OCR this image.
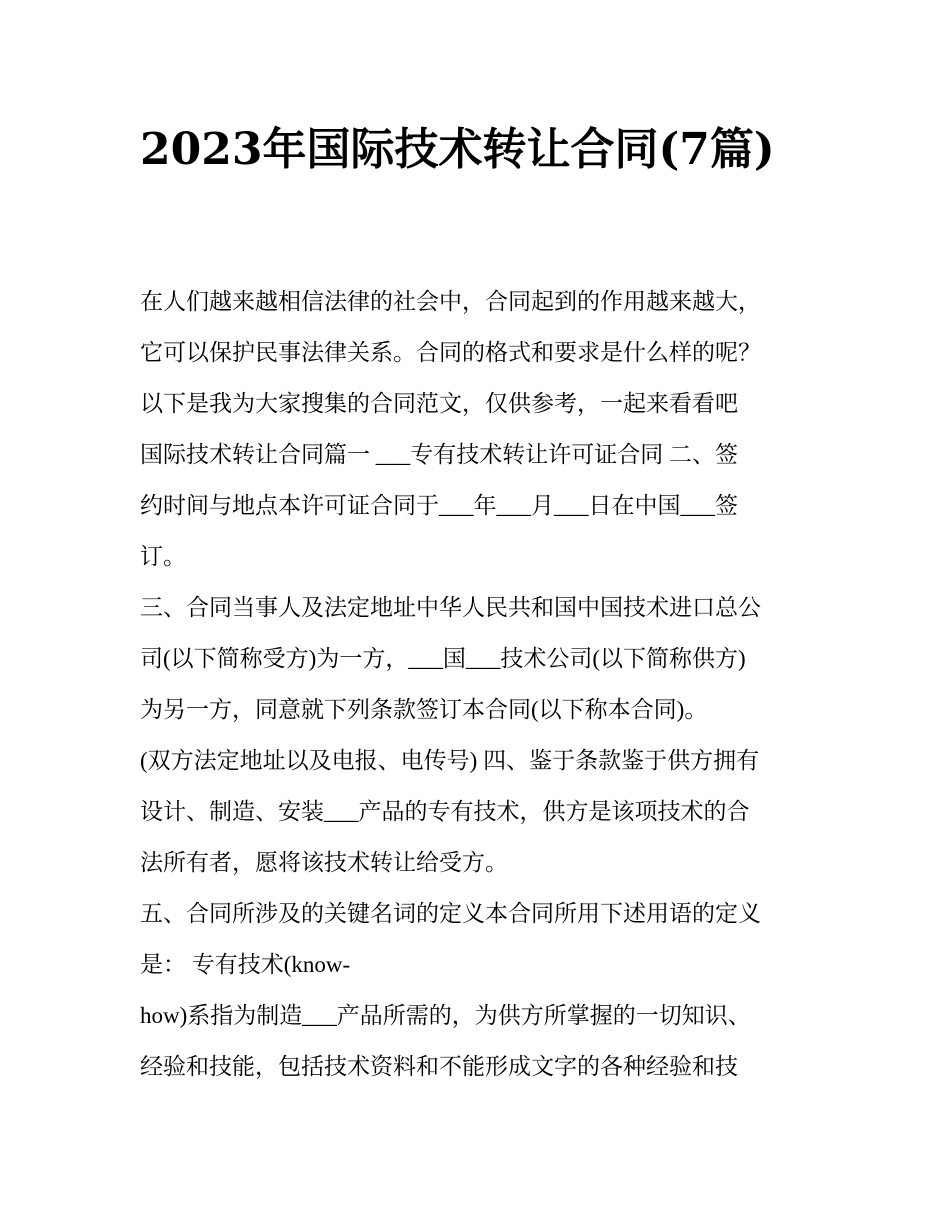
2023年国际技术转让合同(7篇)
在人们越来越相信法律的社会中，合同起到的作用越来越大，
它可以保护民事法律关系。合同的格式和要求是什么样的呢？
以下是我为大家搜集的合同范文，仅供参考，一起来看看吧
国际技术转让合同篇一 ___专有技术转让许可证合同 二、签
约时间与地点本许可证合同于___年___月___日在中国___签
订。
三、合同当事人及法定地址中华人民共和国中国技术进口总公
司(以下简称受方)为一方，___国___技术公司(以下简称供方)
为另一方，同意就下列条款签订本合同(以下称本合同)。
(双方法定地址以及电报、电传号) 四、鉴于条款鉴于供方拥有
设计、制造、安装___产品的专有技术，供方是该项技术的合
法所有者，愿将该技术转让给受方。
五、合同所涉及的关键名词的定义本合同所用下述用语的定义
是： 专有技术(know-
how)系指为制造___产品所需的，为供方所掌握的一切知识、
经验和技能，包括技术资料和不能形成文字的各种经验和技
